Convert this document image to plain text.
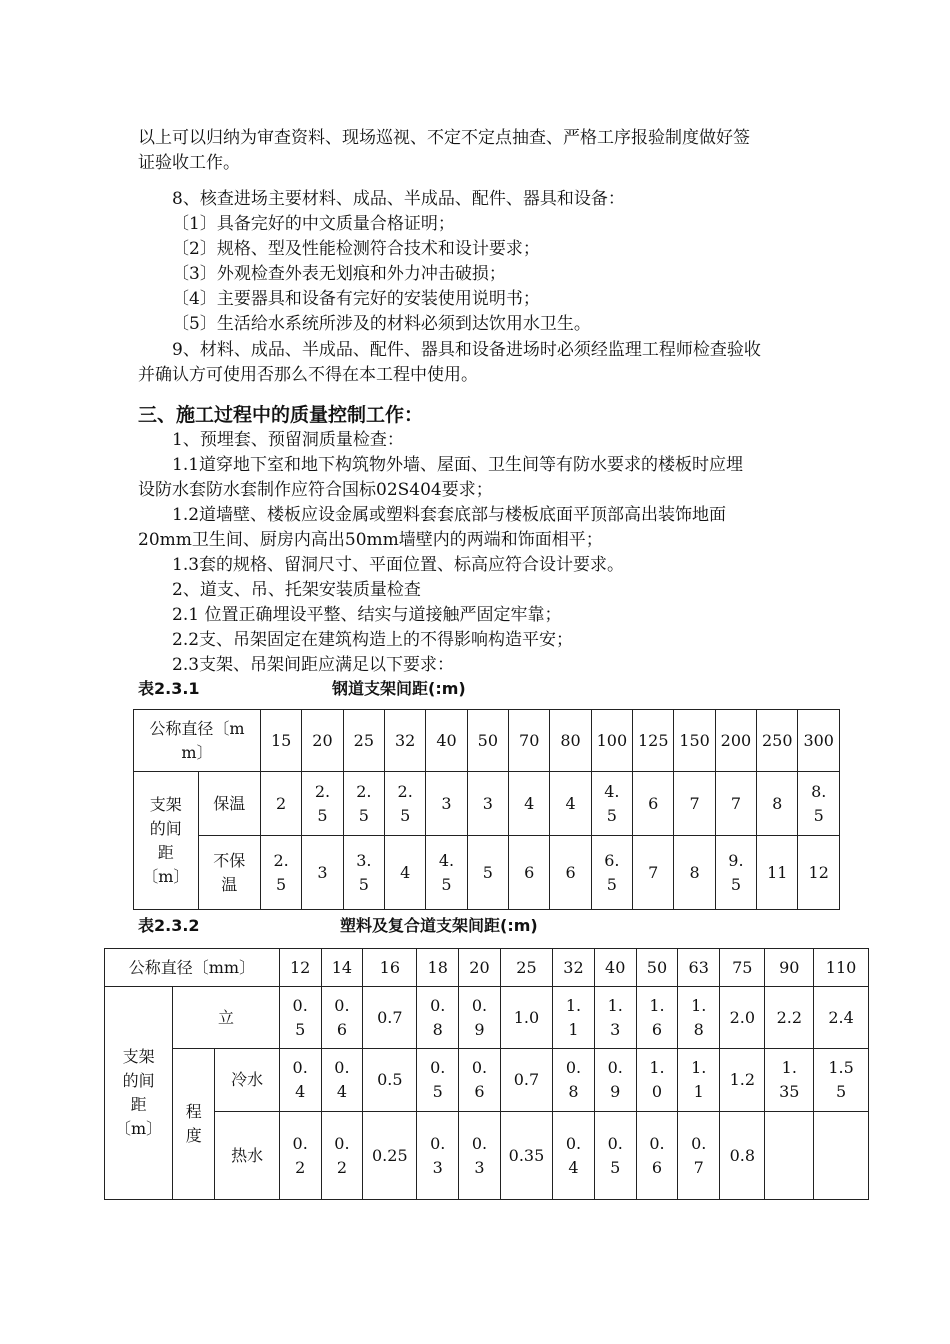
以上可以归纳为审查资料、现场巡视、不定不定点抽查、严格工序报验制度做好签
证验收工作。
8、核查进场主要材料、成品、半成品、配件、器具和设备：
〔1〕具备完好的中文质量合格证明；
〔2〕规格、型及性能检测符合技术和设计要求；
〔3〕外观检查外表无划痕和外力冲击破损；
〔4〕主要器具和设备有完好的安装使用说明书；
〔5〕生活给水系统所涉及的材料必须到达饮用水卫生。
9、材料、成品、半成品、配件、器具和设备进场时必须经监理工程师检查验收
并确认方可使用否那么不得在本工程中使用。
三、施工过程中的质量控制工作：
1、预埋套、预留洞质量检查：
1.1道穿地下室和地下构筑物外墙、屋面、卫生间等有防水要求的楼板时应埋
设防水套防水套制作应符合国标02S404要求；
1.2道墙壁、楼板应设金属或塑料套套底部与楼板底面平顶部高出装饰地面
20mm卫生间、厨房内高出50mm墙壁内的两端和饰面相平；
1.3套的规格、留洞尺寸、平面位置、标高应符合设计要求。
2、道支、吊、托架安装质量检查
2.1 位置正确埋设平整、结实与道接触严固定牢靠；
2.2支、吊架固定在建筑构造上的不得影响构造平安；
2.3支架、吊架间距应满足以下要求：
表2.3.1	钢道支架间距(:m)
公称直径〔mm〕		15	20	25	32	40	50	70	80	100	125	150	200	250	300
支架的间距〔m〕	保温	2	2.5	2.5	2.5	3	3	4	4	4.5	6	7	7	8	8.5
	不保温	2.5	3	3.5	4	4.5	5	6	6	6.5	7	8	9.5	11	12
表2.3.2	塑料及复合道支架间距(:m)
公称直径〔mm〕			12	14	16	18	20	25	32	40	50	63	75	90	110
支架的间距〔m〕	立		0.5	0.6	0.7	0.8	0.9	1.0	1.1	1.3	1.6	1.8	2.0	2.2	2.4
	程度	冷水	0.4	0.4	0.5	0.5	0.6	0.7	0.8	0.9	1.0	1.1	1.2	1.35	1.55
		热水	0.2	0.2	0.25	0.3	0.3	0.35	0.4	0.5	0.6	0.7	0.8		
